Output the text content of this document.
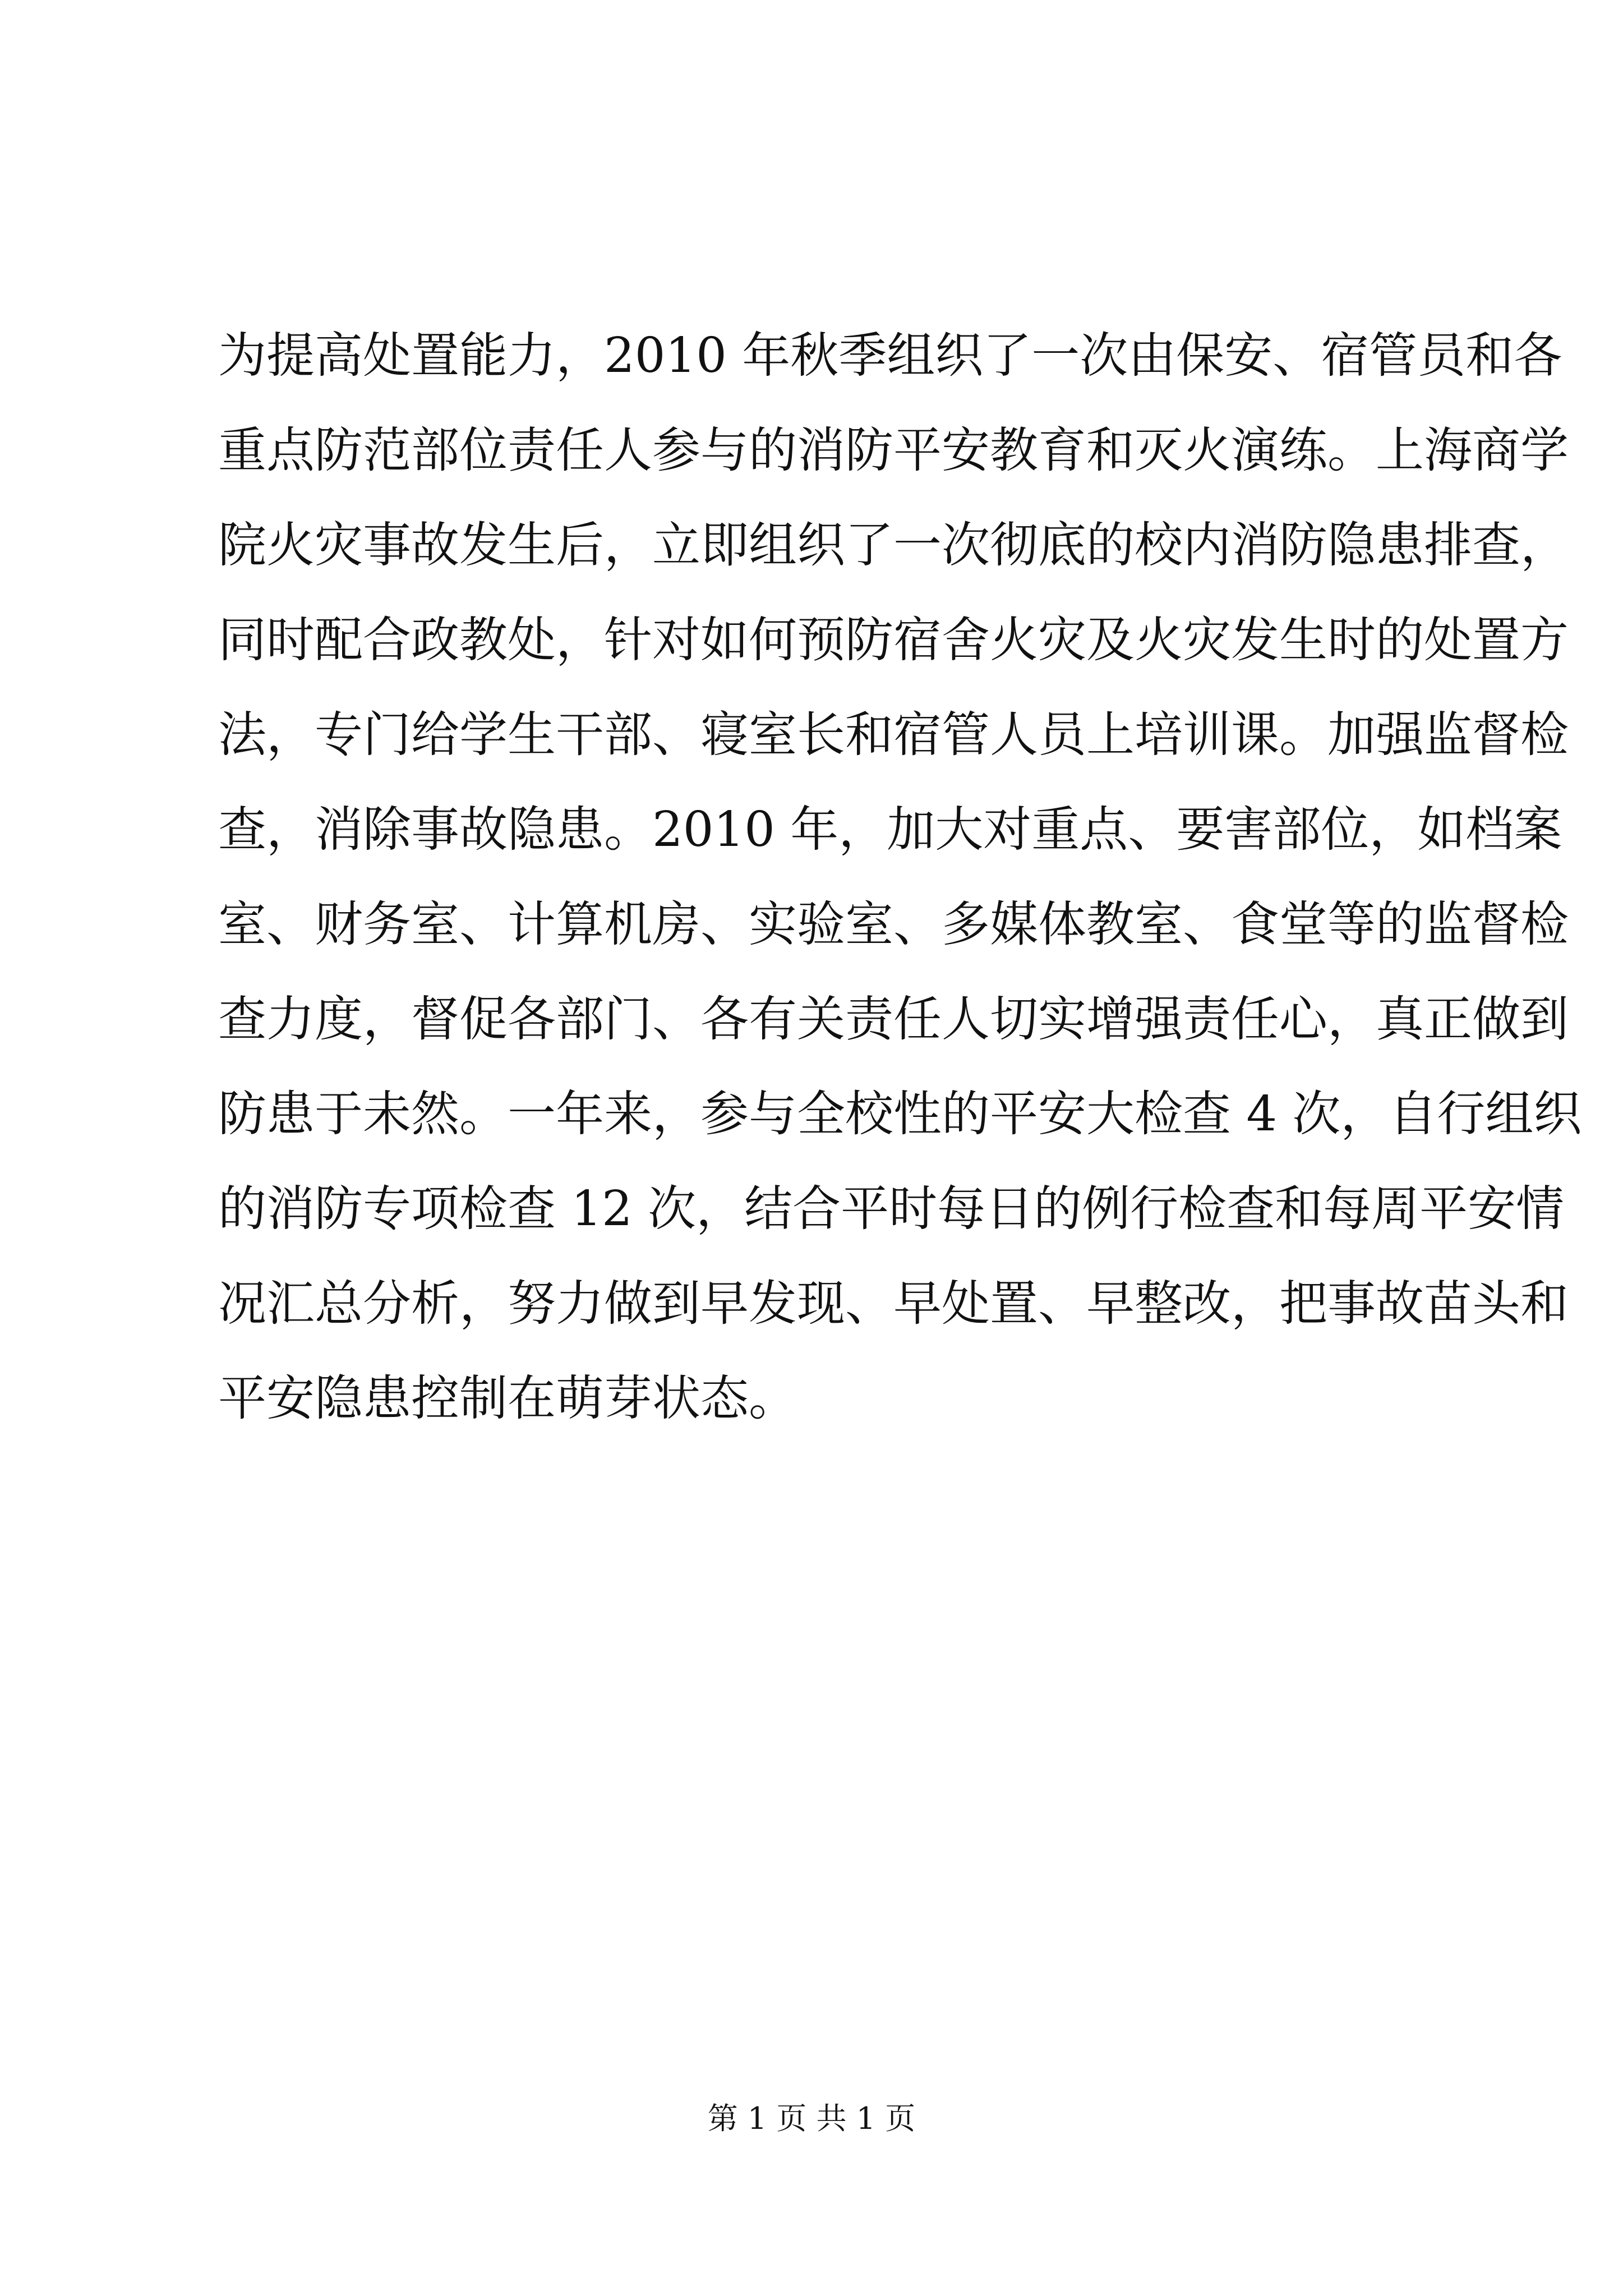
为提高处置能力，2010 年秋季组织了一次由保安、宿管员和各
重点防范部位责任人参与的消防平安教育和灭火演练。上海商学
院火灾事故发生后，立即组织了一次彻底的校内消防隐患排查，
同时配合政教处，针对如何预防宿舍火灾及火灾发生时的处置方
法，专门给学生干部、寝室长和宿管人员上培训课。加强监督检
查，消除事故隐患。2010 年，加大对重点、要害部位，如档案
室、财务室、计算机房、实验室、多媒体教室、食堂等的监督检
查力度，督促各部门、各有关责任人切实增强责任心，真正做到
防患于未然。一年来，参与全校性的平安大检查 4 次，自行组织
的消防专项检查 12 次，结合平时每日的例行检查和每周平安情
况汇总分析，努力做到早发现、早处置、早整改，把事故苗头和
平安隐患控制在萌芽状态。
第 1 页 共 1 页
